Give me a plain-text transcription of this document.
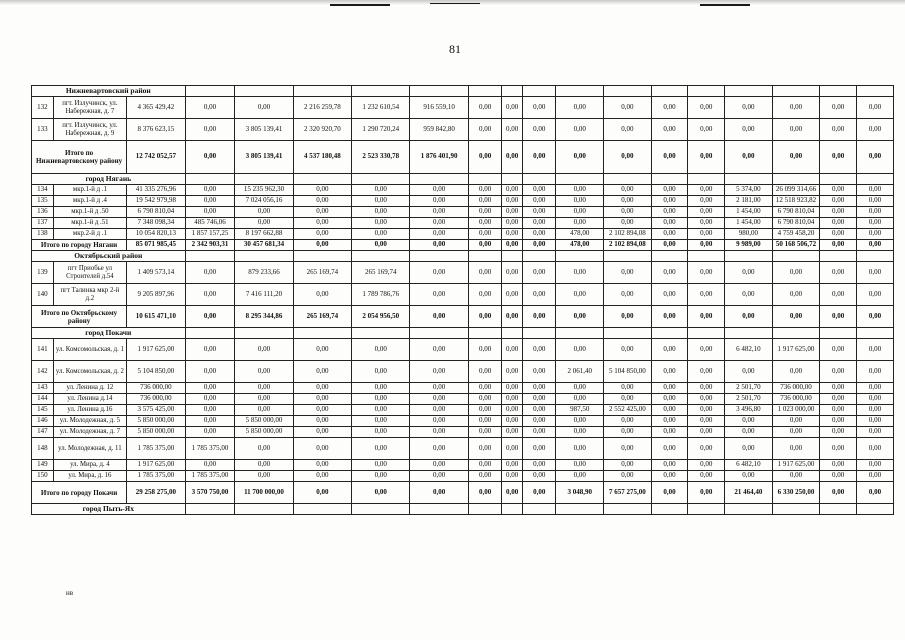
81
Нижневартовский район																		
132	пгт. Излучинск, ул. Набережная, д. 7	4 365 429,42	0,00	0,00	2 216 259,78	1 232 610,54	916 559,10	0,00	0,00	0,00	0,00	0,00	0,00	0,00	0,00	0,00	0,00	0,00
133	пгт. Излучинск, ул. Набережная, д. 9	8 376 623,15	0,00	3 805 139,41	2 320 920,70	1 290 720,24	959 842,80	0,00	0,00	0,00	0,00	0,00	0,00	0,00	0,00	0,00	0,00	0,00
Итого по Нижневартовскому району		12 742 052,57	0,00	3 805 139,41	4 537 180,48	2 523 330,78	1 876 401,90	0,00	0,00	0,00	0,00	0,00	0,00	0,00	0,00	0,00	0,00	0,00
город Нягань																		
134	мкр.1-й д .1	41 335 276,96	0,00	15 235 962,30	0,00	0,00	0,00	0,00	0,00	0,00	0,00	0,00	0,00	0,00	5 374,00	26 099 314,66	0,00	0,00
135	мкр.1-й д .4	19 542 979,98	0,00	7 024 056,16	0,00	0,00	0,00	0,00	0,00	0,00	0,00	0,00	0,00	0,00	2 181,00	12 518 923,82	0,00	0,00
136	мкр.1-й д .50	6 790 810,04	0,00	0,00	0,00	0,00	0,00	0,00	0,00	0,00	0,00	0,00	0,00	0,00	1 454,00	6 790 810,04	0,00	0,00
137	мкр.1-й д .51	7 348 098,34	485 746,06	0,00	0,00	0,00	0,00	0,00	0,00	0,00	0,00	0,00	0,00	0,00	1 454,00	6 790 810,04	0,00	0,00
138	мкр.2-й д .1	10 054 820,13	1 857 157,25	8 197 662,88	0,00	0,00	0,00	0,00	0,00	0,00	478,00	2 102 894,08	0,00	0,00	980,00	4 759 458,20	0,00	0,00
Итого по городу Нягани		85 071 985,45	2 342 903,31	30 457 681,34	0,00	0,00	0,00	0,00	0,00	0,00	478,00	2 102 894,08	0,00	0,00	9 989,00	50 168 506,72	0,00	0,00
Октябрьский район																		
139	пгт Приобье ул Строителей д.54	1 409 573,14	0,00	879 233,66	265 169,74	265 169,74	0,00	0,00	0,00	0,00	0,00	0,00	0,00	0,00	0,00	0,00	0,00	0,00
140	пгт Талинка мкр 2-й д.2	9 205 897,96	0,00	7 416 111,20	0,00	1 789 786,76	0,00	0,00	0,00	0,00	0,00	0,00	0,00	0,00	0,00	0,00	0,00	0,00
Итого по Октябрьскому району		10 615 471,10	0,00	8 295 344,86	265 169,74	2 054 956,50	0,00	0,00	0,00	0,00	0,00	0,00	0,00	0,00	0,00	0,00	0,00	0,00
город Покачи																		
141	ул. Комсомольская, д. 1	1 917 625,00	0,00	0,00	0,00	0,00	0,00	0,00	0,00	0,00	0,00	0,00	0,00	0,00	6 482,10	1 917 625,00	0,00	0,00
142	ул. Комсомольская, д. 2	5 104 850,00	0,00	0,00	0,00	0,00	0,00	0,00	0,00	0,00	2 061,40	5 104 850,00	0,00	0,00	0,00	0,00	0,00	0,00
143	ул. Ленина д. 12	736 000,00	0,00	0,00	0,00	0,00	0,00	0,00	0,00	0,00	0,00	0,00	0,00	0,00	2 501,70	736 000,00	0,00	0,00
144	ул. Ленина д.14	736 000,00	0,00	0,00	0,00	0,00	0,00	0,00	0,00	0,00	0,00	0,00	0,00	0,00	2 501,70	736 000,00	0,00	0,00
145	ул. Ленина д.16	3 575 425,00	0,00	0,00	0,00	0,00	0,00	0,00	0,00	0,00	987,50	2 552 425,00	0,00	0,00	3 496,80	1 023 000,00	0,00	0,00
146	ул. Молодежная, д. 5	5 850 000,00	0,00	5 850 000,00	0,00	0,00	0,00	0,00	0,00	0,00	0,00	0,00	0,00	0,00	0,00	0,00	0,00	0,00
147	ул. Молодежная, д. 7	5 850 000,00	0,00	5 850 000,00	0,00	0,00	0,00	0,00	0,00	0,00	0,00	0,00	0,00	0,00	0,00	0,00	0,00	0,00
148	ул. Молодежная, д. 11	1 785 375,00	1 785 375,00	0,00	0,00	0,00	0,00	0,00	0,00	0,00	0,00	0,00	0,00	0,00	0,00	0,00	0,00	0,00
149	ул. Мира, д. 4	1 917 625,00	0,00	0,00	0,00	0,00	0,00	0,00	0,00	0,00	0,00	0,00	0,00	0,00	6 482,10	1 917 625,00	0,00	0,00
150	ул. Мира, д. 16	1 785 375,00	1 785 375,00	0,00	0,00	0,00	0,00	0,00	0,00	0,00	0,00	0,00	0,00	0,00	0,00	0,00	0,00	0,00
Итого по городу Покачи		29 258 275,00	3 570 750,00	11 700 000,00	0,00	0,00	0,00	0,00	0,00	0,00	3 048,90	7 657 275,00	0,00	0,00	21 464,40	6 330 250,00	0,00	0,00
город Пыть-Ях																		
нв
